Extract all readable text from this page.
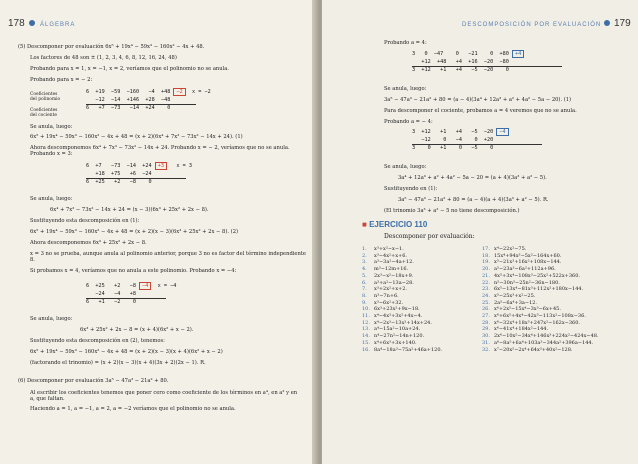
178	ÁLGEBRA
(5) Descomponer por evaluación 6x⁵ + 19x⁴ − 59x³ − 160x² − 4x + 48.
Los factores de 48 son ± (1, 2, 3, 4, 6, 8, 12, 16, 24, 48)
Probando para x = 1, x = −1, x = 2, veríamos que el polinomio no se anula.
Probando para x = − 2:
Coeficientes
del polinomio
6  +19  −59  −160   −4  +48 −2  x = −2
−12  −14  +146  +28  −48
6   +7  −73   −14  +24    0
Coeficientes
del cociente
Se anula, luego:
6x⁵ + 19x⁴ − 59x³ − 160x² − 4x + 48 = (x + 2)(6x⁴ + 7x³ − 73x² − 14x + 24). (1)
Ahora descomponemos 6x⁴ + 7x³ − 73x² − 14x + 24. Probando x = − 2, veríamos que no se anula. Probando x = 3:
6  +7   −73  −14  +24 +3   x = 3
+18  +75   +6  −24
6  +25   +2   −8    0
Se anula, luego:
6x⁴ + 7x³ − 73x² − 14x + 24 = (x − 3)(6x³ + 25x² + 2x − 8).
Sustituyendo esta descomposición en (1):
6x⁵ + 19x⁴ − 59x³ − 160x² − 4x + 48 = (x + 2)(x − 3)(6x³ + 25x² + 2x − 8). (2)
Ahora descomponemos 6x³ + 25x² + 2x − 8.
x = 3 no se prueba, aunque anula al polinomio anterior, porque 3 no es factor del término independiente 8.
Si probamos x = 4, veríamos que no anula a este polinomio. Probando x = −4:
6  +25   +2   −8 −4  x = −4
−24   −4   +8
6   +1   −2    0
Se anula, luego:
6x³ + 25x² + 2x − 8 = (x + 4)(6x² + x − 2).
Sustituyendo esta descomposición en (2), tenemos:
6x⁵ + 19x⁴ − 59x³ − 160x² − 4x + 48 = (x + 2)(x − 3)(x + 4)(6x² + x − 2)
(factorando el trinomio) = (x + 2)(x − 3)(x + 4)(3x + 2)(2x − 1). R.
(6) Descomponer por evaluación 3a⁵ − 47a³ − 21a² + 80.
Al escribir los coeficientes tenemos que poner cero como coeficiente de los términos en a⁴, en a² y en a, que faltan.
Haciendo a = 1, a = −1, a = 2, a = −2 veríamos que el polinomio no se anula.
DESCOMPOSICIÓN POR EVALUACIÓN	179
Probando a = 4:
3   0  −47    0   −21    0  +80 +4
+12  +48   +4  +16  −20  −80
3  +12   +1   +4   −5  −20    0
Se anula, luego:
3a⁵ − 47a³ − 21a² + 80 = (a − 4)(3a⁴ + 12a³ + a² + 4a² − 5a − 20). (1)
Para descomponer el cociente, probamos a = 4 veremos que no se anula.
Probando a = − 4:
3  +12   +1   +4   −5  −20 −4
−12    0   −4    0  +20
3    0   +1    0   −5    0
Se anula, luego:
3a⁴ + 12a³ + a² + 4a² − 5a − 20 = (a + 4)(3a³ + a² − 5).
Sustituyendo en (1):
3a⁵ − 47a³ − 21a² + 80 = (a − 4)(a + 4)(3a³ + a² − 5). R.
(El trinomio 3a³ + a² − 5 no tiene descomposición.)
■ EJERCICIO 110
Descomponer por evaluación:
1. x³+x²−x−1.
2. x³−4x²+x+6.
3. a³−3a²−4a+12.
4. m³−12m+16.
5. 2x³−x²−18x+9.
6. a³+a²−13a−28.
7. x³+2x²+x+2.
8. n³−7n+6.
9. x³−6x²+32.
10. 6x³+23x²+9x−18.
11. x⁴−4x³+3x²+4x−4.
12. x⁴−2x³−13x²+14x+24.
13. a⁴−15a²−10a+24.
14. n⁴−27n²−14n+120.
15. x⁴+6x³+3x+140.
16. 8a⁴−18a³−75a²+46a+120.
17. x⁴−22x²−75.
18. 15x⁴+94x³−5x²−164x+60.
19. x⁵−21x³+16x²+108x−144.
20. a⁵−23a³−6a²+112a+96.
21. 4x⁵+3x⁴−108x³−25x²+522x+360.
22. n⁵−30n³−25n²−36n−180.
23. 6x⁵−13x⁴−81x³+112x²+180x−144.
24. x⁵−25x³+x²−25.
25. 2a⁵−6a⁴+3a−12.
26. x⁶+2x⁵−15x⁴−3x³−6x+45.
27. x⁶+6x⁵+4x⁴−42x³−113x²−108x−36.
28. x⁶−32x⁴+18x³+247x²−162x−360.
29. x⁶−41x⁴+184x²−144.
30. 2x⁶−10x⁵−34x⁴+146x³+224x²−424x−48.
31. a⁶−8a⁵+6a⁴+103a³−344a²+396a−144.
32. x⁷−20x⁵−2x⁴+64x³+40x²−128.
